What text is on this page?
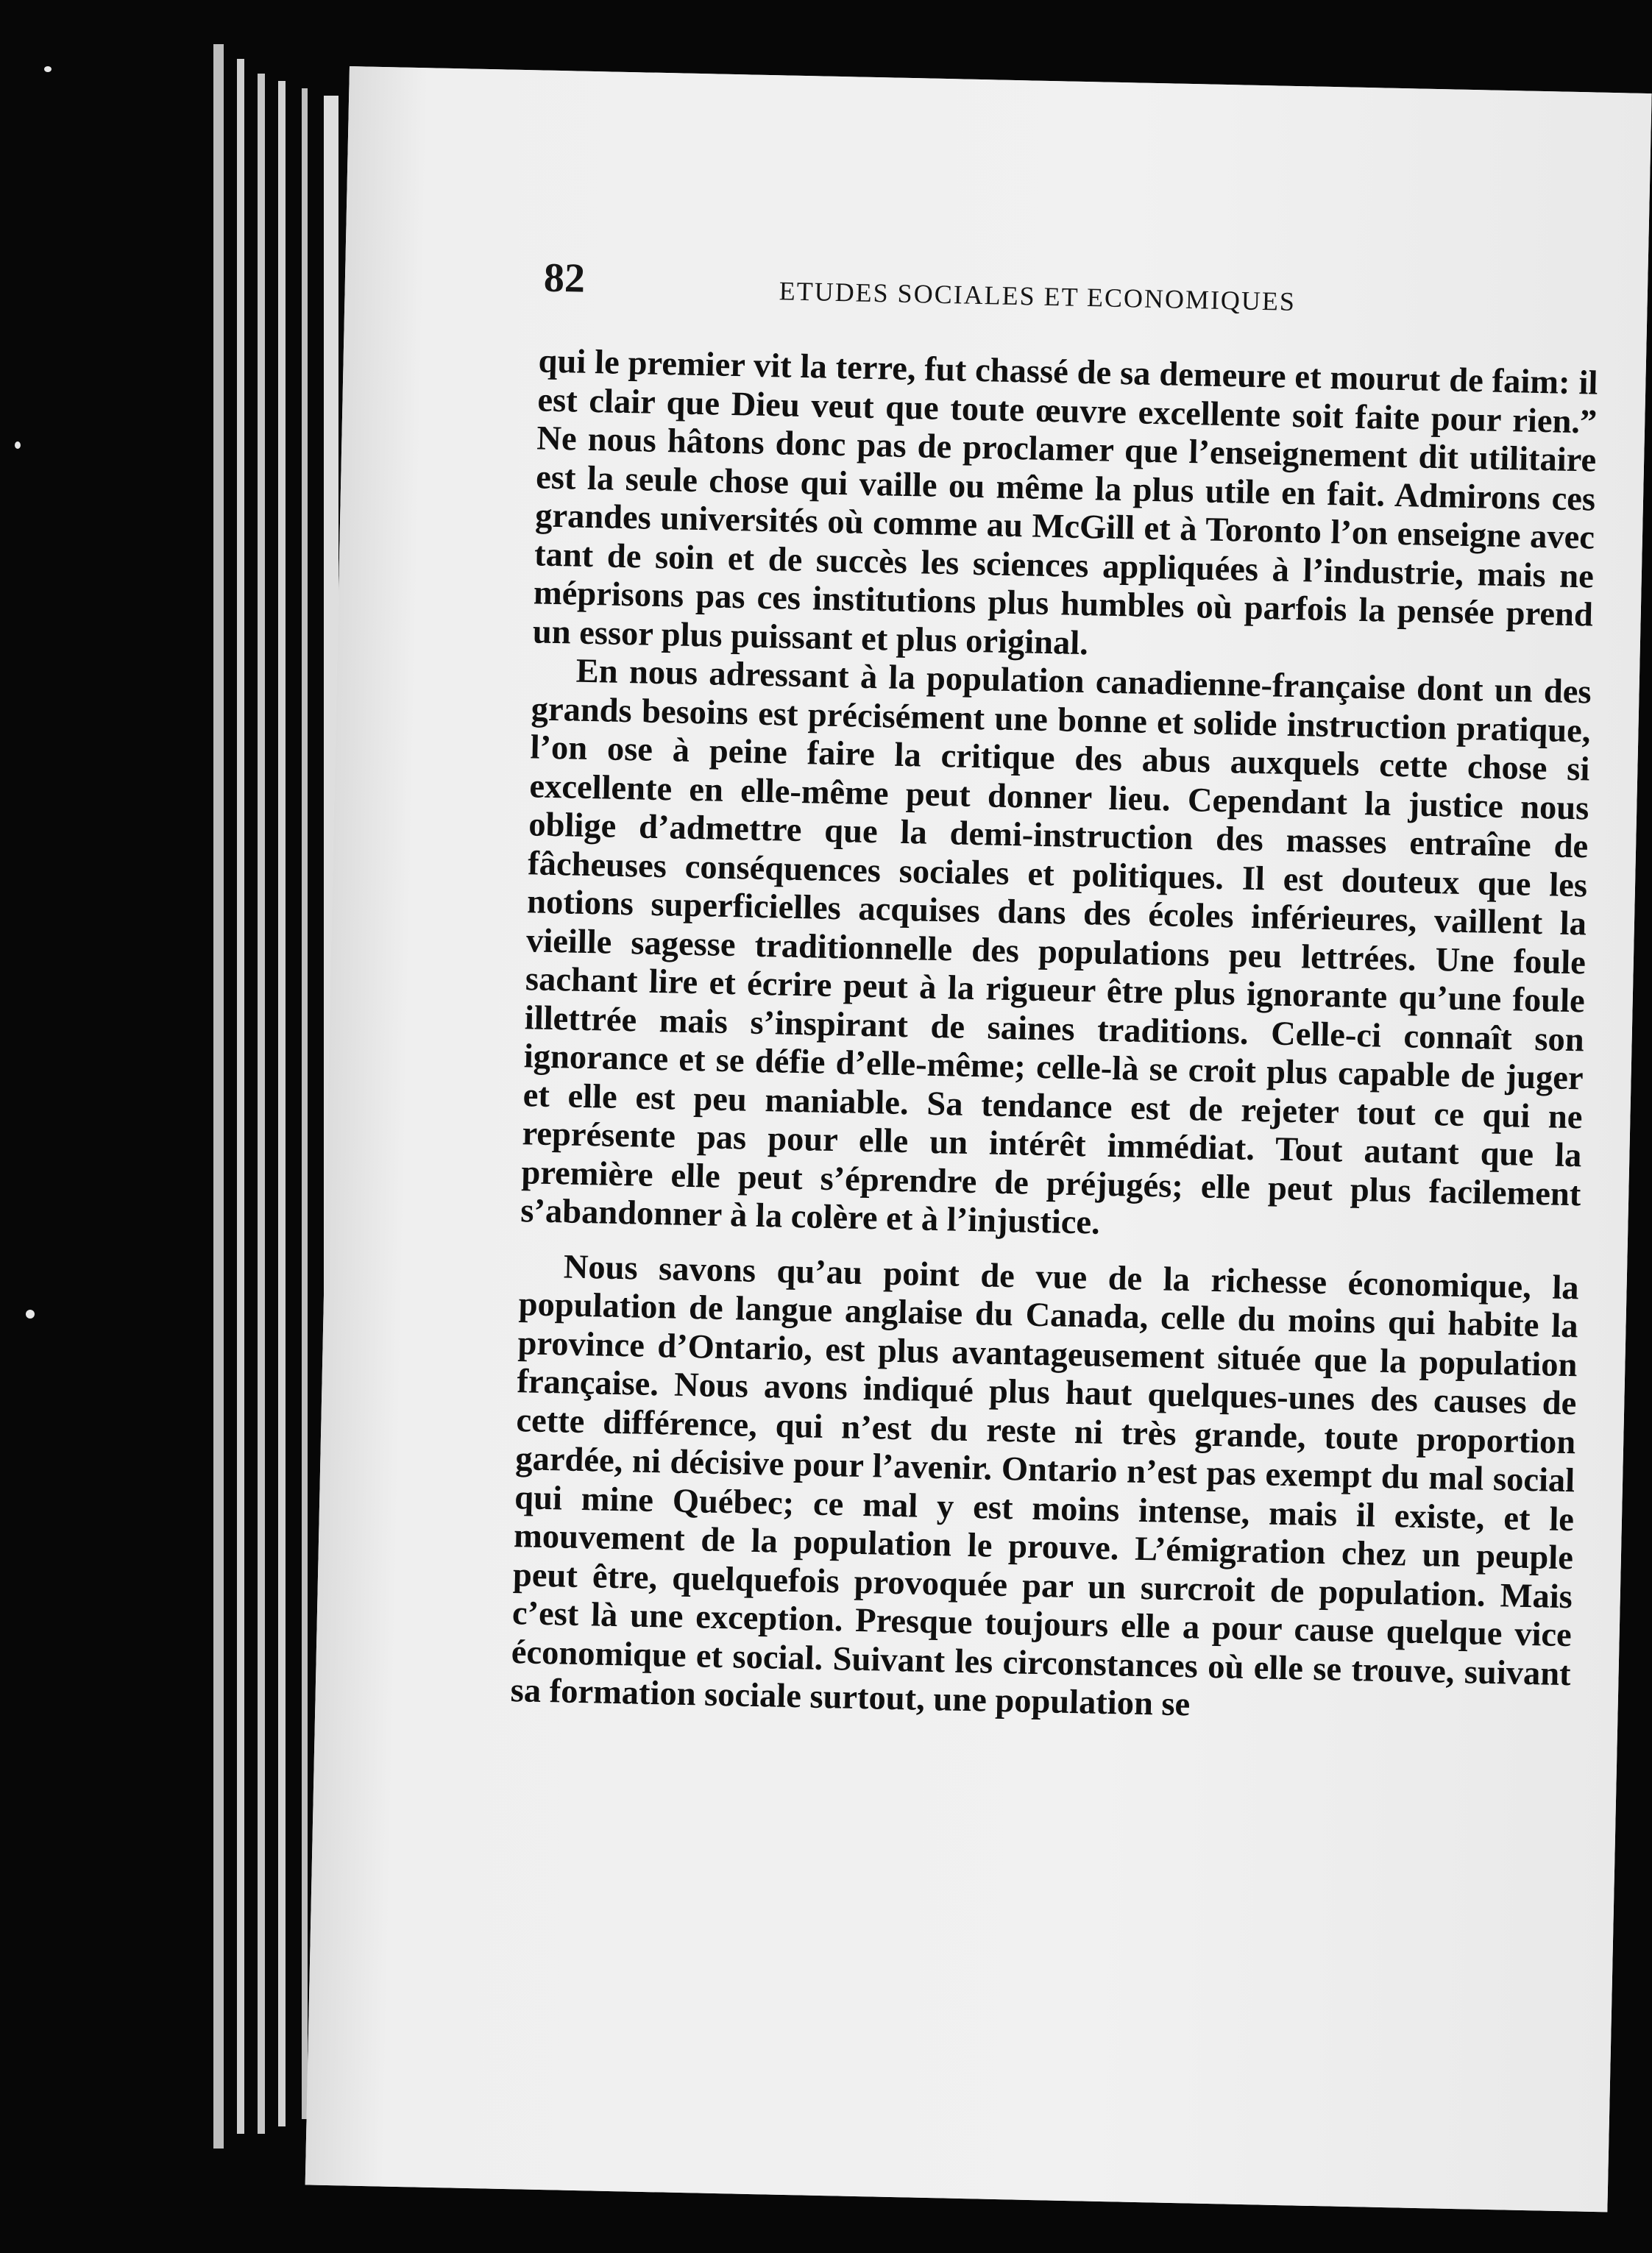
82	ETUDES SOCIALES ET ECONOMIQUES

qui le premier vit la terre, fut chassé de sa demeure et mourut de faim: il est clair que Dieu veut que toute œuvre excellente soit faite pour rien.” Ne nous hâtons donc pas de proclamer que l’enseignement dit utilitaire est la seule chose qui vaille ou même la plus utile en fait. Admirons ces grandes universités où comme au McGill et à Toronto l’on enseigne avec tant de soin et de succès les sciences appliquées à l’industrie, mais ne méprisons pas ces institutions plus humbles où parfois la pensée prend un essor plus puissant et plus original.

En nous adressant à la population canadienne-française dont un des grands besoins est précisément une bonne et solide instruction pratique, l’on ose à peine faire la critique des abus auxquels cette chose si excellente en elle-même peut donner lieu. Cependant la justice nous oblige d’admettre que la demi-instruction des masses entraîne de fâcheuses conséquences sociales et politiques. Il est douteux que les notions superficielles acquises dans des écoles inférieures, vaillent la vieille sagesse traditionnelle des populations peu lettrées. Une foule sachant lire et écrire peut à la rigueur être plus ignorante qu’une foule illettrée mais s’inspirant de saines traditions. Celle-ci connaît son ignorance et se défie d’elle-même; celle-là se croit plus capable de juger et elle est peu maniable. Sa tendance est de rejeter tout ce qui ne représente pas pour elle un intérêt immédiat. Tout autant que la première elle peut s’éprendre de préjugés; elle peut plus facilement s’abandonner à la colère et à l’injustice.

Nous savons qu’au point de vue de la richesse économique, la population de langue anglaise du Canada, celle du moins qui habite la province d’Ontario, est plus avantageusement située que la population française. Nous avons indiqué plus haut quelques-unes des causes de cette différence, qui n’est du reste ni très grande, toute proportion gardée, ni décisive pour l’avenir. Ontario n’est pas exempt du mal social qui mine Québec; ce mal y est moins intense, mais il existe, et le mouvement de la population le prouve. L’émigration chez un peuple peut être, quelquefois provoquée par un surcroit de population. Mais c’est là une exception. Presque toujours elle a pour cause quelque vice économique et social. Suivant les circonstances où elle se trouve, suivant sa formation sociale surtout, une population se
